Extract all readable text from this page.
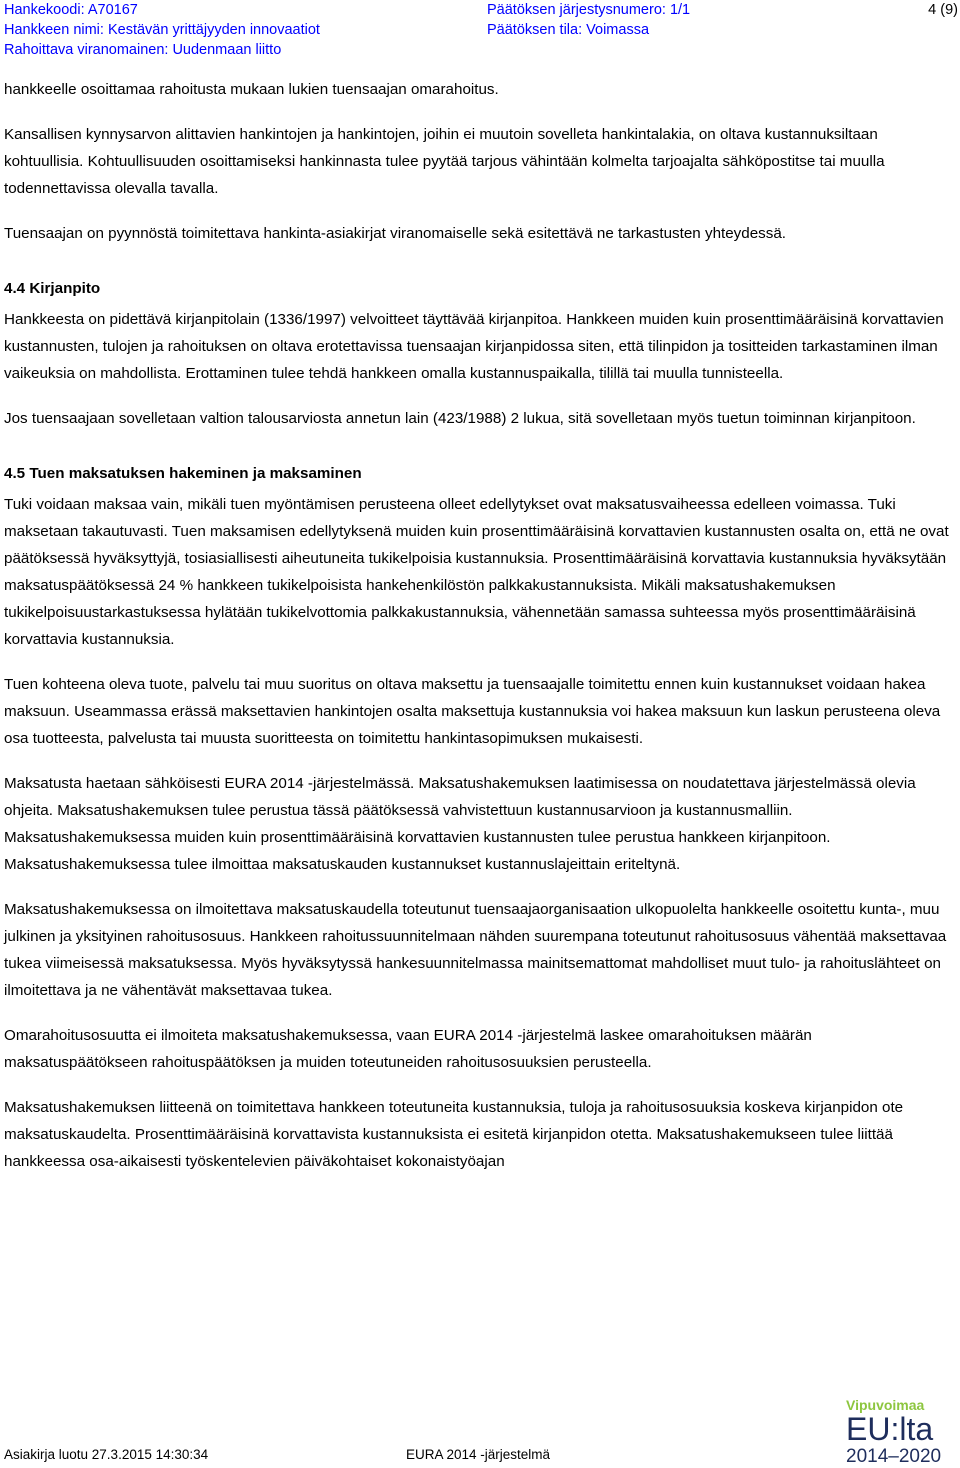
Hankekoodi: A70167
Hankkeen nimi: Kestävän yrittäjyyden innovaatiot
Rahoittava viranomainen: Uudenmaan liitto
Päätöksen järjestysnumero: 1/1
Päätöksen tila: Voimassa
4 (9)

hankkeelle osoittamaa rahoitusta mukaan lukien tuensaajan omarahoitus.

Kansallisen kynnysarvon alittavien hankintojen ja hankintojen, joihin ei muutoin sovelleta hankintalakia, on oltava kustannuksiltaan kohtuullisia. Kohtuullisuuden osoittamiseksi hankinnasta tulee pyytää tarjous vähintään kolmelta tarjoajalta sähköpostitse tai muulla todennettavissa olevalla tavalla.

Tuensaajan on pyynnöstä toimitettava hankinta-asiakirjat viranomaiselle sekä esitettävä ne tarkastusten yhteydessä.

4.4 Kirjanpito

Hankkeesta on pidettävä kirjanpitolain (1336/1997) velvoitteet täyttävää kirjanpitoa. Hankkeen muiden kuin prosenttimääräisinä korvattavien kustannusten, tulojen ja rahoituksen on oltava erotettavissa tuensaajan kirjanpidossa siten, että tilinpidon ja tositteiden tarkastaminen ilman vaikeuksia on mahdollista. Erottaminen tulee tehdä hankkeen omalla kustannuspaikalla, tilillä tai muulla tunnisteella.

Jos tuensaajaan sovelletaan valtion talousarviosta annetun lain (423/1988) 2 lukua, sitä sovelletaan myös tuetun toiminnan kirjanpitoon.

4.5 Tuen maksatuksen hakeminen ja maksaminen

Tuki voidaan maksaa vain, mikäli tuen myöntämisen perusteena olleet edellytykset ovat maksatusvaiheessa edelleen voimassa. Tuki maksetaan takautuvasti. Tuen maksamisen edellytyksenä muiden kuin prosenttimääräisinä korvattavien kustannusten osalta on, että ne ovat päätöksessä hyväksyttyjä, tosiasiallisesti aiheutuneita tukikelpoisia kustannuksia. Prosenttimääräisinä korvattavia kustannuksia hyväksytään maksatuspäätöksessä 24 % hankkeen tukikelpoisista hankehenkilöstön palkkakustannuksista. Mikäli maksatushakemuksen tukikelpoisuustarkastuksessa hylätään tukikelvottomia palkkakustannuksia, vähennetään samassa suhteessa myös prosenttimääräisinä korvattavia kustannuksia.

Tuen kohteena oleva tuote, palvelu tai muu suoritus on oltava maksettu ja tuensaajalle toimitettu ennen kuin kustannukset voidaan hakea maksuun. Useammassa erässä maksettavien hankintojen osalta maksettuja kustannuksia voi hakea maksuun kun laskun perusteena oleva osa tuotteesta, palvelusta tai muusta suoritteesta on toimitettu hankintasopimuksen mukaisesti.

Maksatusta haetaan sähköisesti EURA 2014 -järjestelmässä. Maksatushakemuksen laatimisessa on noudatettava järjestelmässä olevia ohjeita. Maksatushakemuksen tulee perustua tässä päätöksessä vahvistettuun kustannusarvioon ja kustannusmalliin. Maksatushakemuksessa muiden kuin prosenttimääräisinä korvattavien kustannusten tulee perustua hankkeen kirjanpitoon. Maksatushakemuksessa tulee ilmoittaa maksatuskauden kustannukset kustannuslajeittain eriteltynä.

Maksatushakemuksessa on ilmoitettava maksatuskaudella toteutunut tuensaajaorganisaation ulkopuolelta hankkeelle osoitettu kunta-, muu julkinen ja yksityinen rahoitusosuus. Hankkeen rahoitussuunnitelmaan nähden suurempana toteutunut rahoitusosuus vähentää maksettavaa tukea viimeisessä maksatuksessa. Myös hyväksytyssä hankesuunnitelmassa mainitsemattomat mahdolliset muut tulo- ja rahoituslähteet on ilmoitettava ja ne vähentävät maksettavaa tukea.

Omarahoitusosuutta ei ilmoiteta maksatushakemuksessa, vaan EURA 2014 -järjestelmä laskee omarahoituksen määrän maksatuspäätökseen rahoituspäätöksen ja muiden toteutuneiden rahoitusosuuksien perusteella.

Maksatushakemuksen liitteenä on toimitettava hankkeen toteutuneita kustannuksia, tuloja ja rahoitusosuuksia koskeva kirjanpidon ote maksatuskaudelta. Prosenttimääräisinä korvattavista kustannuksista ei esitetä kirjanpidon otetta. Maksatushakemukseen tulee liittää hankkeessa osa-aikaisesti työskentelevien päiväkohtaiset kokonaistyöajan

Asiakirja luotu 27.3.2015 14:30:34	EURA 2014 -järjestelmä
Vipuvoimaa
EU:lta
2014–2020
